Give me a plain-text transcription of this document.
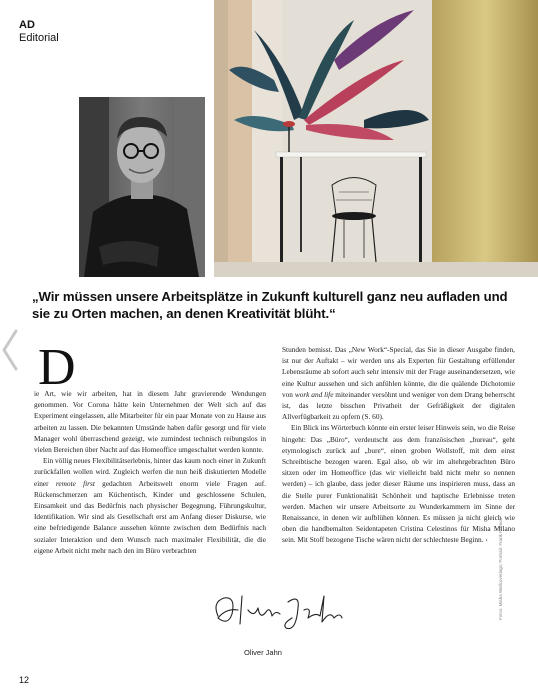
AD
Editorial
„Wir müssen unsere Arbeitsplätze in Zukunft kulturell ganz neu aufladen und sie zu Orten machen, an denen Kreativität blüht.“
D

ie Art, wie wir arbeiten, hat in diesem Jahr gravierende Wendungen genommen. Vor Corona hätte kein Unternehmen der Welt sich auf das Experiment eingelassen, alle Mitarbeiter für ein paar Monate von zu Hause aus arbeiten zu lassen. Die bekannten Umstände haben dafür gesorgt und für viele Manager wohl überraschend gezeigt, wie zumindest technisch reibungslos in vielen Bereichen über Nacht auf das Homeoffice umgeschaltet werden konnte.

Ein völlig neues Flexibilitätserlebnis, hinter das kaum noch einer in Zukunft zurückfallen wollen wird. Zugleich werfen die nun heiß diskutierten Modelle einer remote first gedachten Arbeitswelt enorm viele Fragen auf. Rückenschmerzen am Küchentisch, Kinder und geschlossene Schulen, Einsamkeit und das Bedürfnis nach physischer Begegnung, Führungskultur, Identifikation. Wir sind als Gesellschaft erst am Anfang dieser Diskurse, wie eine befriedigende Balance aussehen könnte zwischen dem Bedürfnis nach sozialer Interaktion und dem Wunsch nach maximaler Flexibilität, die die eigene Arbeit nicht mehr nach den im Büro verbrachten

Stunden bemisst. Das „New Work“-Special, das Sie in dieser Ausgabe finden, ist nur der Auftakt – wir werden uns als Experten für Gestaltung erfüllender Lebensräume ab sofort auch sehr intensiv mit der Frage auseinandersetzen, wie eine Kultur aussehen und sich anfühlen könnte, die die quälende Dichotomie von work and life miteinander versöhnt und weniger von dem Drang beherrscht ist, das letzte bisschen Privatheit der Gefräßigkeit der digitalen Allverfügbarkeit zu opfern (S. 60).

Ein Blick ins Wörterbuch könnte ein erster leiser Hinweis sein, wo die Reise hingeht: Das „Büro“, verdeutscht aus dem französischen „bureau“, geht etymologisch zurück auf „bure“, einen groben Wollstoff, mit dem einst Schreibtische bezogen waren. Egal also, ob wir im altehrgebrachten Büro sitzen oder im Homeoffice (das wir vielleicht bald nicht mehr so nennen werden) – ich glaube, dass jeder dieser Räume uns inspirieren muss, dass an die Stelle purer Funktionalität Schönheit und haptische Erlebnisse treten werden. Machen wir unsere Arbeitsorte zu Wunderkammern im Sinne der Renaissance, in denen wir aufblühen können. Es müssen ja nicht gleich wie oben die handbemalten Seidentapeten Cristina Celestinos für Misha Milano sein. Mit Stoff bezogene Tische wären nicht der schlechteste Beginn. ‹

Oliver Jahn
Fotos: Misha Wallcoverings; Portrait: Frank Fiamon
12
